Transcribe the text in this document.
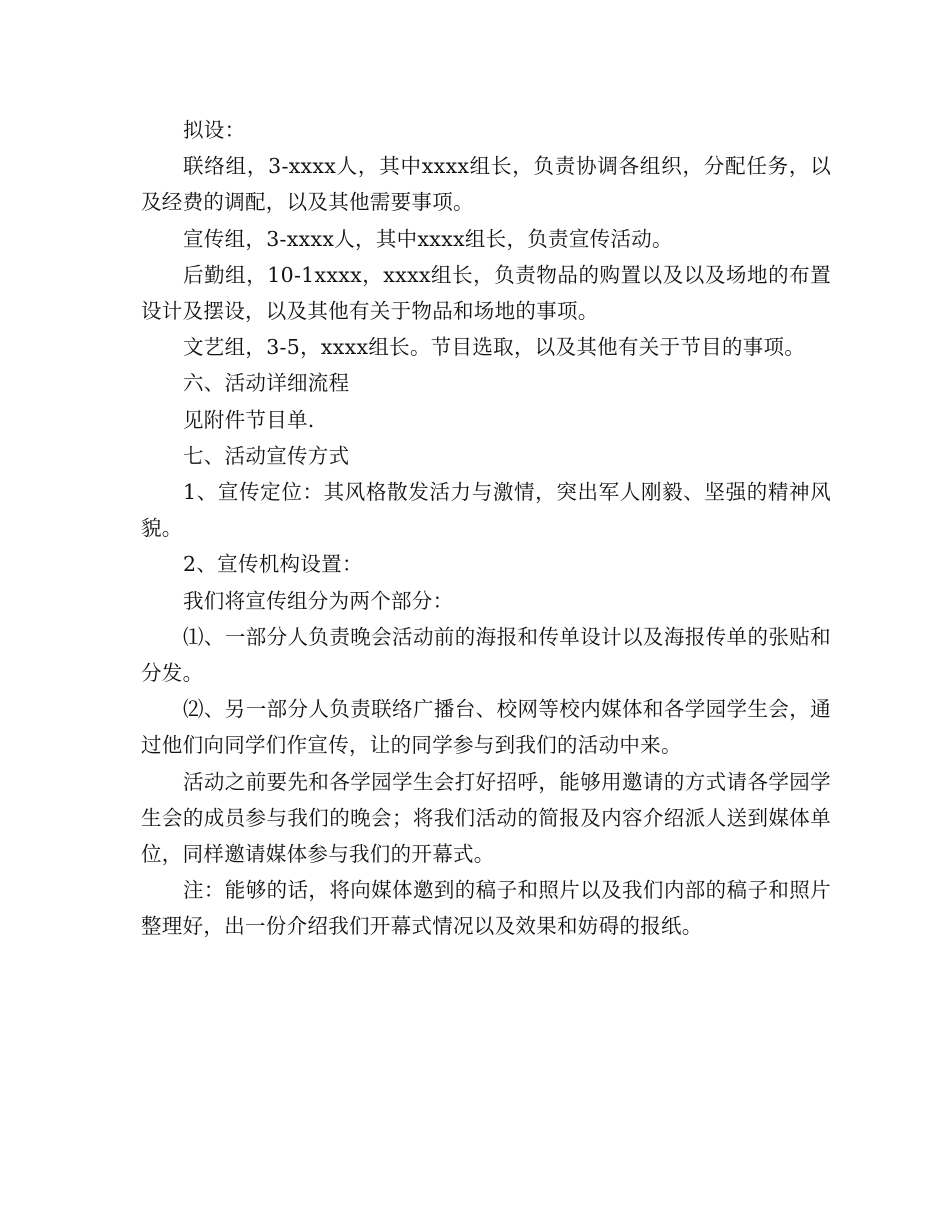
拟设：

联络组，3-xxxx人，其中xxxx组长，负责协调各组织，分配任务，以及经费的调配，以及其他需要事项。

宣传组，3-xxxx人，其中xxxx组长，负责宣传活动。

后勤组，10-1xxxx，xxxx组长，负责物品的购置以及以及场地的布置设计及摆设，以及其他有关于物品和场地的事项。

文艺组，3-5，xxxx组长。节目选取，以及其他有关于节目的事项。

六、活动详细流程

见附件节目单.

七、活动宣传方式

1、宣传定位：其风格散发活力与激情，突出军人刚毅、坚强的精神风貌。

2、宣传机构设置：

我们将宣传组分为两个部分：

⑴、一部分人负责晚会活动前的海报和传单设计以及海报传单的张贴和分发。

⑵、另一部分人负责联络广播台、校网等校内媒体和各学园学生会，通过他们向同学们作宣传，让的同学参与到我们的活动中来。

活动之前要先和各学园学生会打好招呼，能够用邀请的方式请各学园学生会的成员参与我们的晚会；将我们活动的简报及内容介绍派人送到媒体单位，同样邀请媒体参与我们的开幕式。

注：能够的话，将向媒体邀到的稿子和照片以及我们内部的稿子和照片整理好，出一份介绍我们开幕式情况以及效果和妨碍的报纸。
